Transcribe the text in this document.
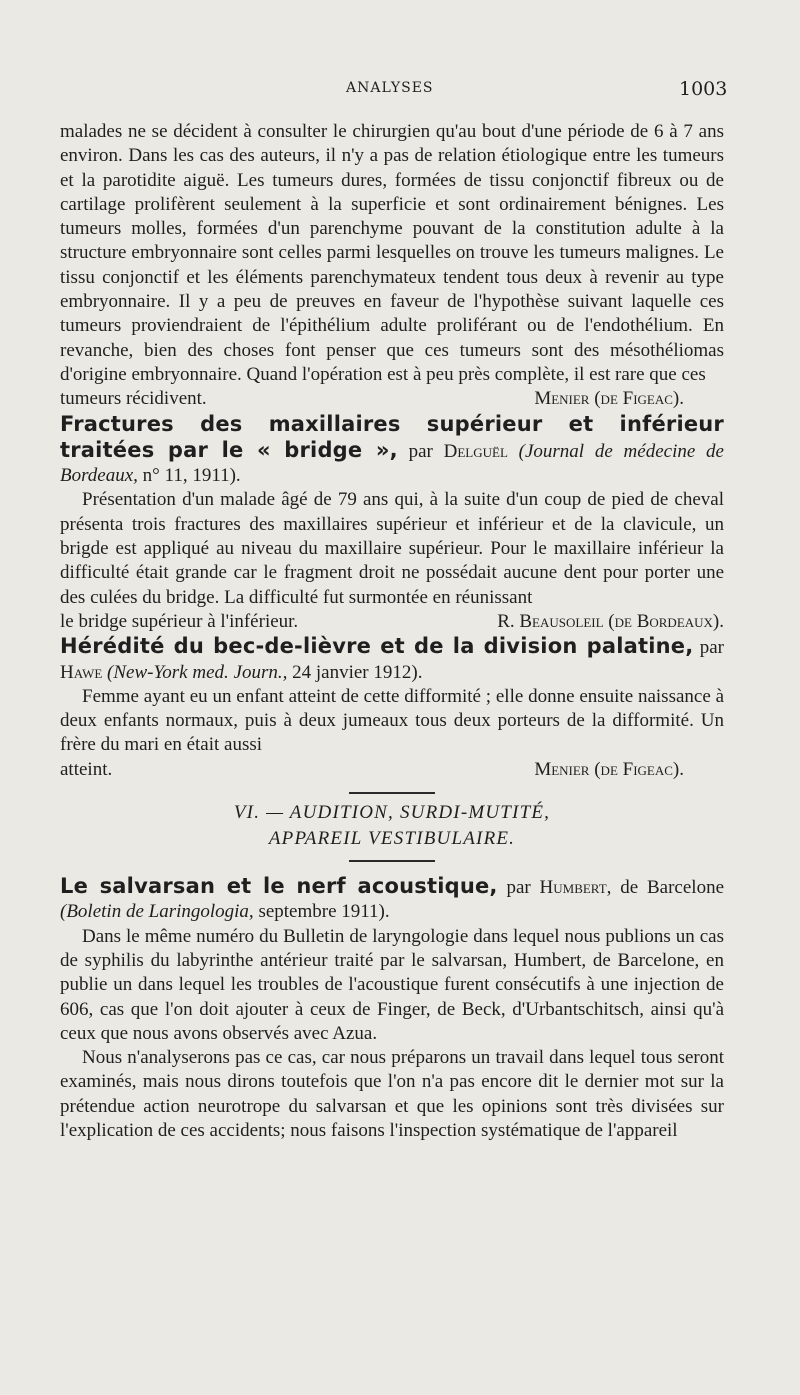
ANALYSES	1003

malades ne se décident à consulter le chirurgien qu'au bout d'une période de 6 à 7 ans environ. Dans les cas des auteurs, il n'y a pas de relation étiologique entre les tumeurs et la parotidite aiguë. Les tumeurs dures, formées de tissu conjonctif fibreux ou de cartilage prolifèrent seulement à la superficie et sont ordinairement bénignes. Les tumeurs molles, formées d'un parenchyme pouvant de la constitution adulte à la structure embryonnaire sont celles parmi lesquelles on trouve les tumeurs malignes. Le tissu conjonctif et les éléments parenchymateux tendent tous deux à revenir au type embryonnaire. Il y a peu de preuves en faveur de l'hypothèse suivant laquelle ces tumeurs proviendraient de l'épithélium adulte proliférant ou de l'endothélium. En revanche, bien des choses font penser que ces tumeurs sont des mésothéliomas d'origine embryonnaire. Quand l'opération est à peu près complète, il est rare que ces

tumeurs récidivent.	Menier (de Figeac).

Fractures des maxillaires supérieur et inférieur traitées par le « bridge », par Delguël (Journal de médecine de Bordeaux, n° 11, 1911).

Présentation d'un malade âgé de 79 ans qui, à la suite d'un coup de pied de cheval présenta trois fractures des maxillaires supérieur et inférieur et de la clavicule, un brigde est appliqué au niveau du maxillaire supérieur. Pour le maxillaire inférieur la difficulté était grande car le fragment droit ne possédait aucune dent pour porter une des culées du bridge. La difficulté fut surmontée en réunissant

le bridge supérieur à l'inférieur.	R. Beausoleil (de Bordeaux).

Hérédité du bec-de-lièvre et de la division palatine, par Hawe (New-York med. Journ., 24 janvier 1912).

Femme ayant eu un enfant atteint de cette difformité ; elle donne ensuite naissance à deux enfants normaux, puis à deux jumeaux tous deux porteurs de la difformité. Un frère du mari en était aussi

atteint.	Menier (de Figeac).
VI. — AUDITION, SURDI-MUTITÉ,
APPAREIL VESTIBULAIRE.

Le salvarsan et le nerf acoustique, par Humbert, de Barcelone (Boletin de Laringologia, septembre 1911).

Dans le même numéro du Bulletin de laryngologie dans lequel nous publions un cas de syphilis du labyrinthe antérieur traité par le salvarsan, Humbert, de Barcelone, en publie un dans lequel les troubles de l'acoustique furent consécutifs à une injection de 606, cas que l'on doit ajouter à ceux de Finger, de Beck, d'Urbantschitsch, ainsi qu'à ceux que nous avons observés avec Azua.

Nous n'analyserons pas ce cas, car nous préparons un travail dans lequel tous seront examinés, mais nous dirons toutefois que l'on n'a pas encore dit le dernier mot sur la prétendue action neurotrope du salvarsan et que les opinions sont très divisées sur l'explication de ces accidents; nous faisons l'inspection systématique de l'appareil
